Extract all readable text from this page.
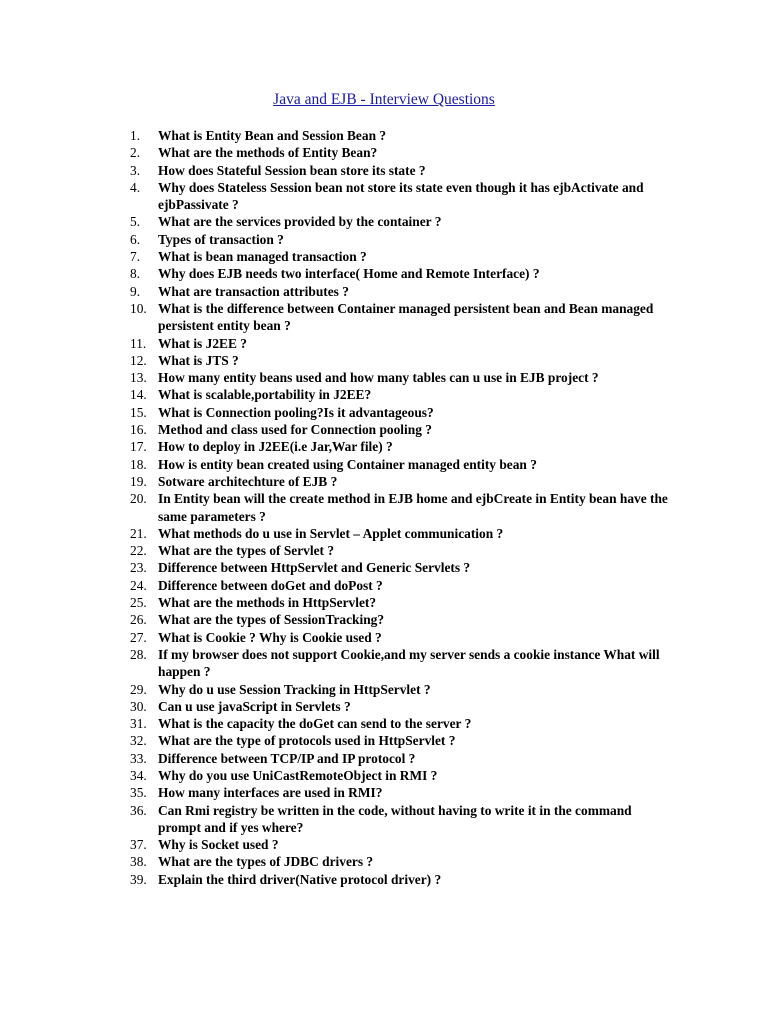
Java and EJB - Interview Questions
1.	What is Entity Bean and Session Bean ?
2.	What are the methods of Entity Bean?
3.	How does Stateful Session bean store its state ?
4.	Why does Stateless Session bean not store its state even though it has ejbActivate and ejbPassivate ?
5.	What are the services provided by the container ?
6.	Types of transaction ?
7.	What is bean managed transaction ?
8.	Why does EJB needs two interface( Home and Remote Interface) ?
9.	What are transaction attributes ?
10. What is the difference between Container managed persistent bean and Bean managed persistent entity bean ?
11. What is J2EE ?
12. What is JTS ?
13. How many entity beans used and how many tables can u use in EJB project ?
14. What is scalable,portability in J2EE?
15. What is Connection pooling?Is it advantageous?
16. Method and class used for Connection pooling ?
17. How to deploy in J2EE(i.e Jar,War file) ?
18. How is entity bean created using Container managed entity bean ?
19. Sotware architechture of EJB ?
20. In Entity bean will the create method in EJB home and ejbCreate in Entity bean have the same parameters ?
21. What methods do u use in Servlet – Applet communication ?
22. What are the types of Servlet ?
23. Difference between HttpServlet and Generic Servlets ?
24. Difference between doGet and doPost ?
25. What are the methods in HttpServlet?
26. What are the types of SessionTracking?
27. What is Cookie ? Why is Cookie used ?
28. If my browser does not support Cookie,and my server sends a cookie instance What will happen ?
29. Why do u use Session Tracking in HttpServlet ?
30. Can u use javaScript in Servlets ?
31. What is the capacity the doGet can send to the server ?
32. What are the type of protocols used in HttpServlet ?
33. Difference between TCP/IP and IP protocol ?
34. Why do you use UniCastRemoteObject in RMI ?
35. How many interfaces are used in RMI?
36. Can Rmi registry be written in the code, without having to write it in the command prompt and if yes where?
37. Why is Socket used ?
38. What are the types of JDBC drivers ?
39. Explain the third driver(Native protocol driver) ?
